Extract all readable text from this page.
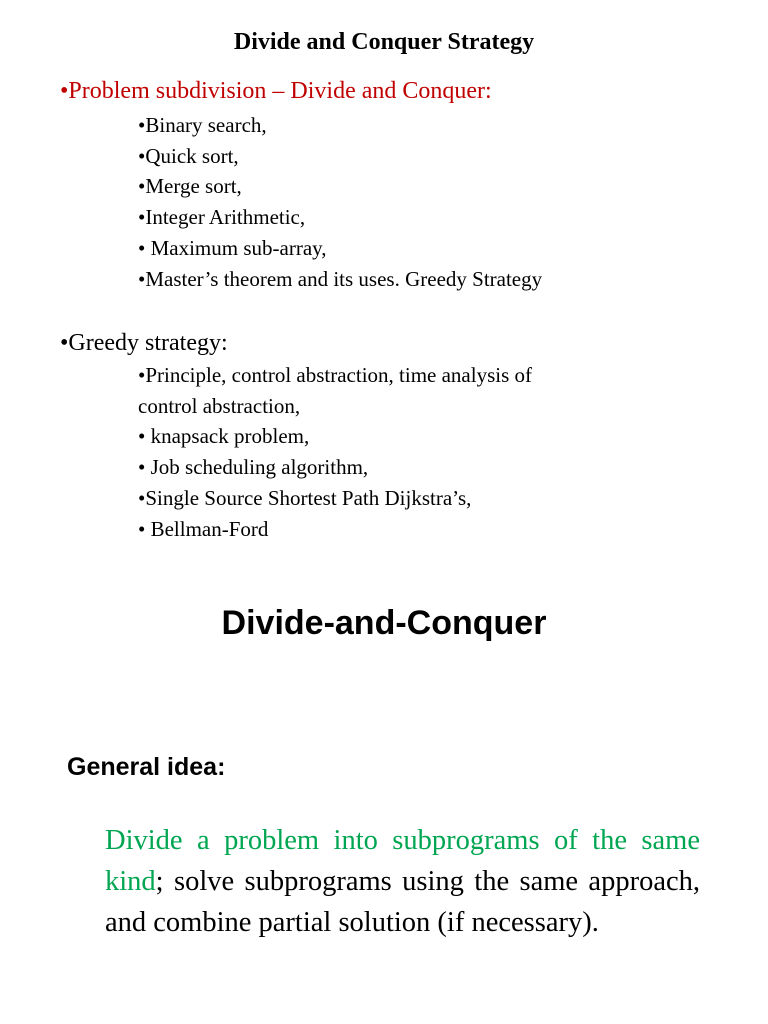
Divide and Conquer Strategy
•Problem subdivision – Divide and Conquer:
•Binary search,
•Quick sort,
•Merge sort,
•Integer Arithmetic,
• Maximum sub-array,
•Master’s theorem and its uses. Greedy Strategy
•Greedy strategy:
•Principle, control abstraction, time analysis of
control abstraction,
• knapsack problem,
• Job scheduling algorithm,
•Single Source Shortest Path Dijkstra’s,
• Bellman-Ford
Divide-and-Conquer
General idea:

Divide a problem into subprograms of the same kind; solve subprograms using the same approach, and combine partial solution (if necessary).
